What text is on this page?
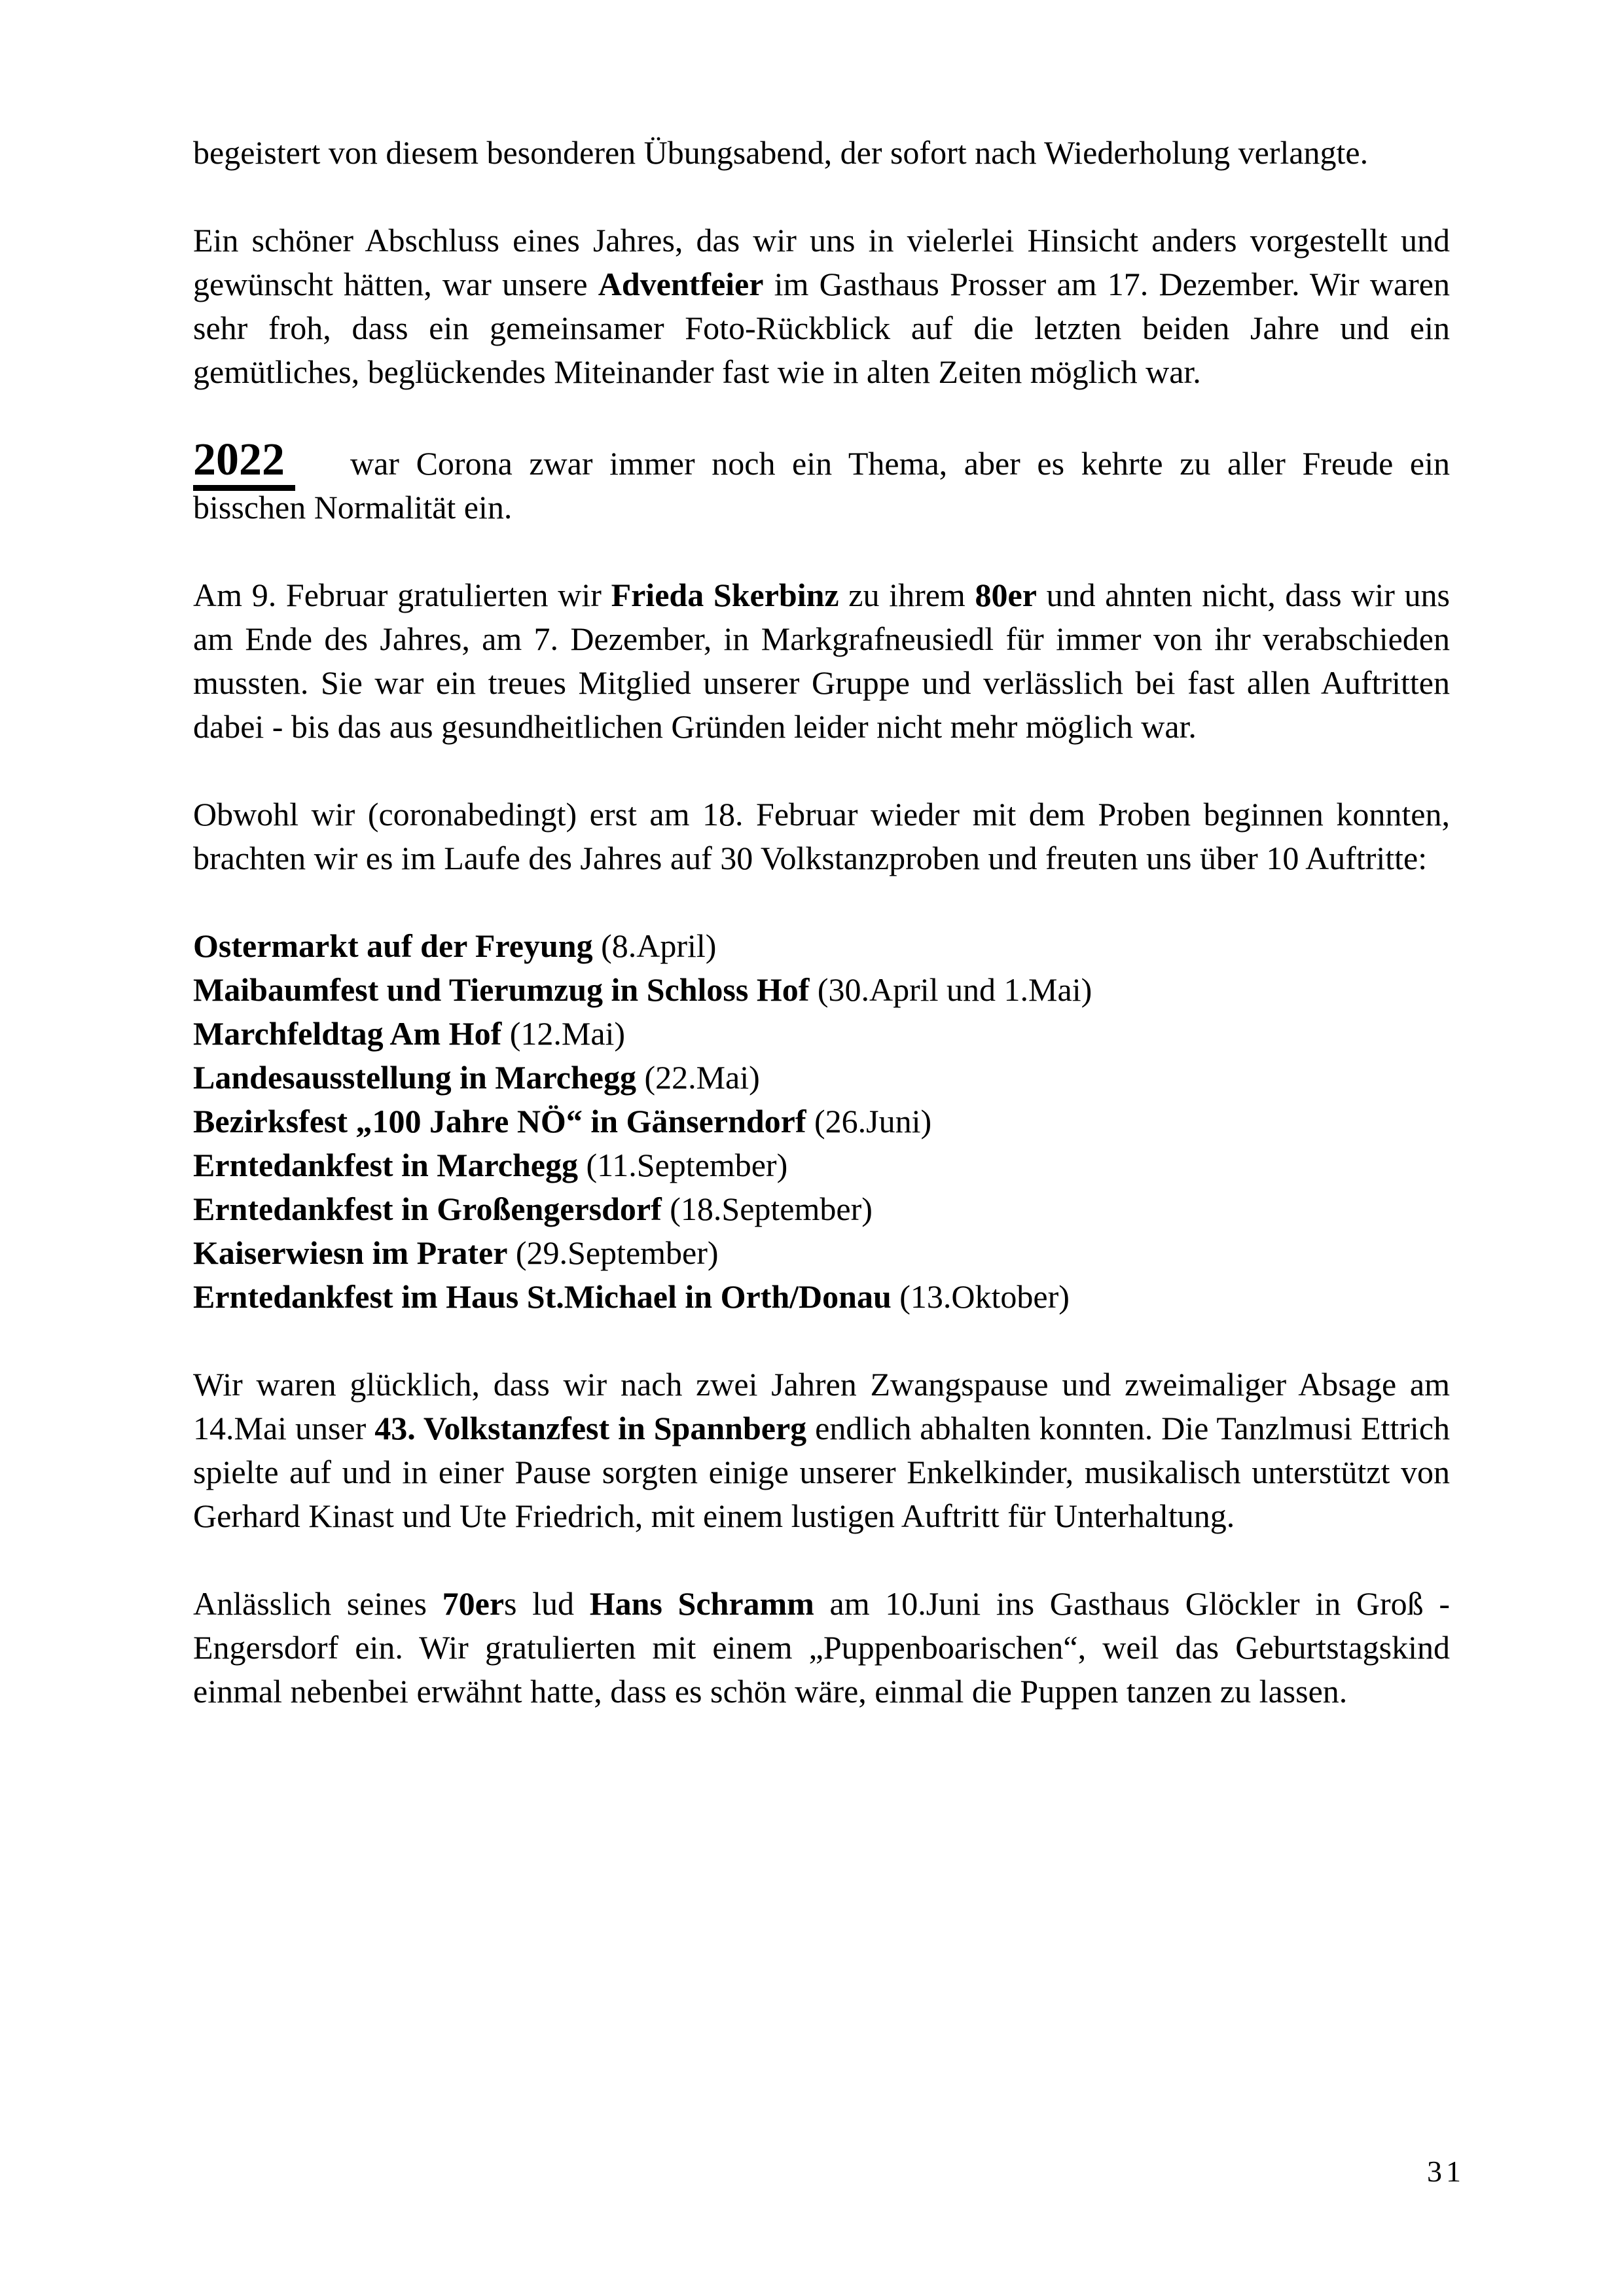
begeistert von diesem besonderen Übungsabend, der sofort nach Wiederholung verlangte.

Ein schöner Abschluss eines Jahres, das wir uns in vielerlei Hinsicht anders vorgestellt und gewünscht hätten, war unsere Adventfeier im Gasthaus Prosser am 17. Dezember. Wir waren sehr froh, dass ein gemeinsamer Foto-Rückblick auf die letzten beiden Jahre und ein gemütliches, beglückendes Miteinander fast wie in alten Zeiten möglich war.

2022 war Corona zwar immer noch ein Thema, aber es kehrte zu aller Freude ein bisschen Normalität ein.

Am 9. Februar gratulierten wir Frieda Skerbinz zu ihrem 80er und ahnten nicht, dass wir uns am Ende des Jahres, am 7. Dezember, in Markgrafneusiedl für immer von ihr verabschieden mussten. Sie war ein treues Mitglied unserer Gruppe und verlässlich bei fast allen Auftritten dabei - bis das aus gesundheitlichen Gründen leider nicht mehr möglich war.

Obwohl wir (coronabedingt) erst am 18. Februar wieder mit dem Proben beginnen konnten, brachten wir es im Laufe des Jahres auf 30 Volkstanzproben und freuten uns über 10 Auftritte:

Ostermarkt auf der Freyung (8.April)
Maibaumfest und Tierumzug in Schloss Hof (30.April und 1.Mai)
Marchfeldtag Am Hof (12.Mai)
Landesausstellung in Marchegg (22.Mai)
Bezirksfest „100 Jahre NÖ“ in Gänserndorf (26.Juni)
Erntedankfest in Marchegg (11.September)
Erntedankfest in Großengersdorf (18.September)
Kaiserwiesn im Prater (29.September)
Erntedankfest im Haus St.Michael in Orth/Donau (13.Oktober)

Wir waren glücklich, dass wir nach zwei Jahren Zwangspause und zweimaliger Absage am 14.Mai unser 43. Volkstanzfest in Spannberg endlich abhalten konnten. Die Tanzlmusi Ettrich spielte auf und in einer Pause sorgten einige unserer Enkelkinder, musikalisch unterstützt von Gerhard Kinast und Ute Friedrich, mit einem lustigen Auftritt für Unterhaltung.

Anlässlich seines 70ers lud Hans Schramm am 10.Juni ins Gasthaus Glöckler in Groß - Engersdorf ein. Wir gratulierten mit einem „Puppenboarischen“, weil das Geburtstagskind einmal nebenbei erwähnt hatte, dass es schön wäre, einmal die Puppen tanzen zu lassen.

31
